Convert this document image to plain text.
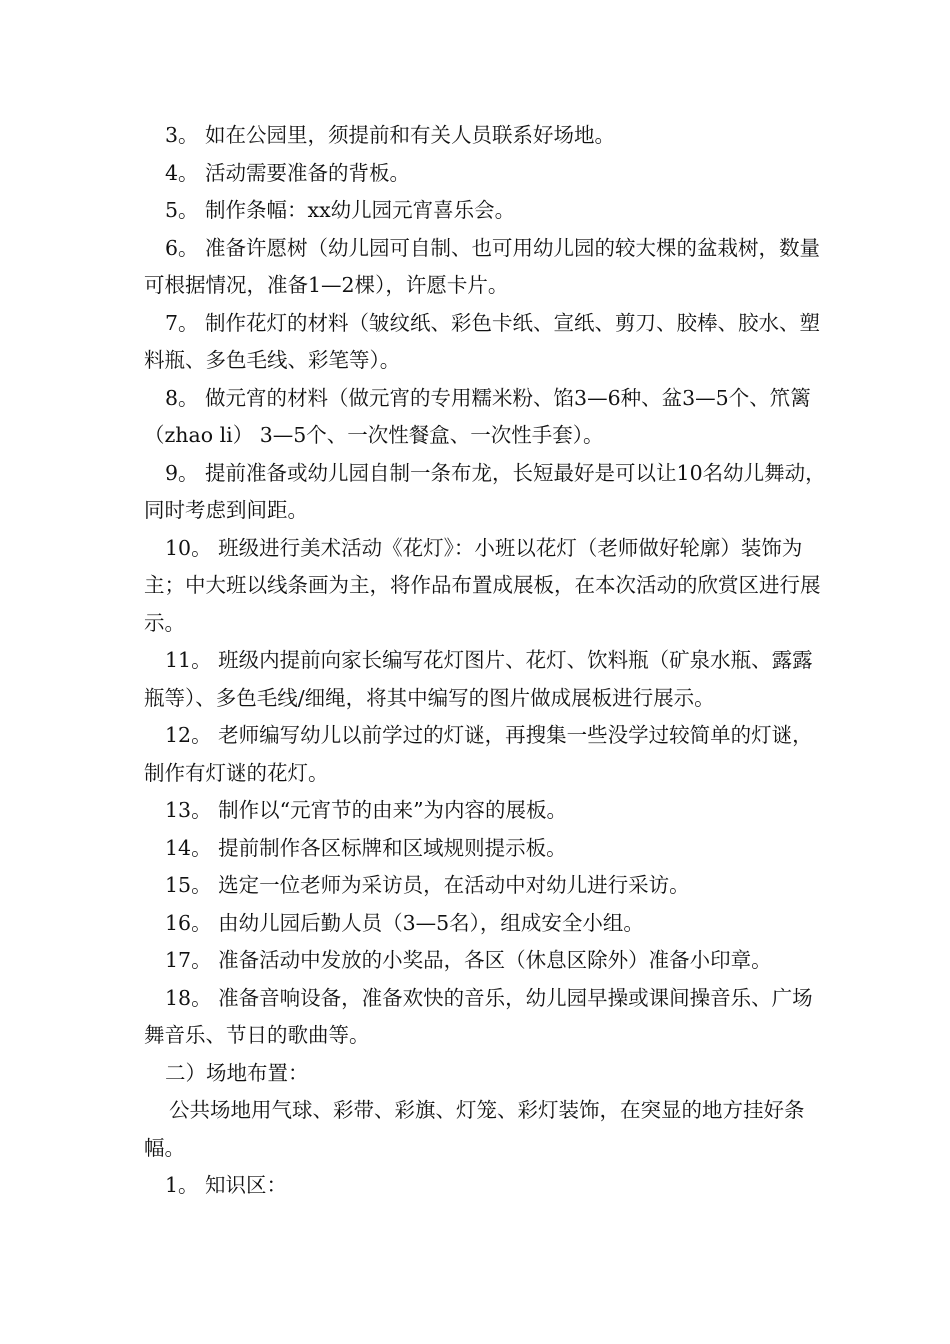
3。 如在公园里，须提前和有关人员联系好场地。

4。 活动需要准备的背板。

5。 制作条幅：xx幼儿园元宵喜乐会。

6。 准备许愿树（幼儿园可自制、也可用幼儿园的较大棵的盆栽树，数量可根据情况，准备1—2棵），许愿卡片。

7。 制作花灯的材料（皱纹纸、彩色卡纸、宣纸、剪刀、胶棒、胶水、塑料瓶、多色毛线、彩笔等）。

8。 做元宵的材料（做元宵的专用糯米粉、馅3—6种、盆3—5个、笊篱（zhao li） 3—5个、一次性餐盒、一次性手套）。

9。 提前准备或幼儿园自制一条布龙，长短最好是可以让10名幼儿舞动，同时考虑到间距。

10。 班级进行美术活动《花灯》：小班以花灯（老师做好轮廓）装饰为主；中大班以线条画为主，将作品布置成展板，在本次活动的欣赏区进行展示。

11。 班级内提前向家长编写花灯图片、花灯、饮料瓶（矿泉水瓶、露露瓶等）、多色毛线/细绳，将其中编写的图片做成展板进行展示。

12。 老师编写幼儿以前学过的灯谜，再搜集一些没学过较简单的灯谜，制作有灯谜的花灯。

13。 制作以“元宵节的由来”为内容的展板。

14。 提前制作各区标牌和区域规则提示板。

15。 选定一位老师为采访员，在活动中对幼儿进行采访。

16。 由幼儿园后勤人员（3—5名），组成安全小组。

17。 准备活动中发放的小奖品，各区（休息区除外）准备小印章。

18。 准备音响设备，准备欢快的音乐，幼儿园早操或课间操音乐、广场舞音乐、节日的歌曲等。

二）场地布置：

公共场地用气球、彩带、彩旗、灯笼、彩灯装饰，在突显的地方挂好条幅。

1。 知识区：
